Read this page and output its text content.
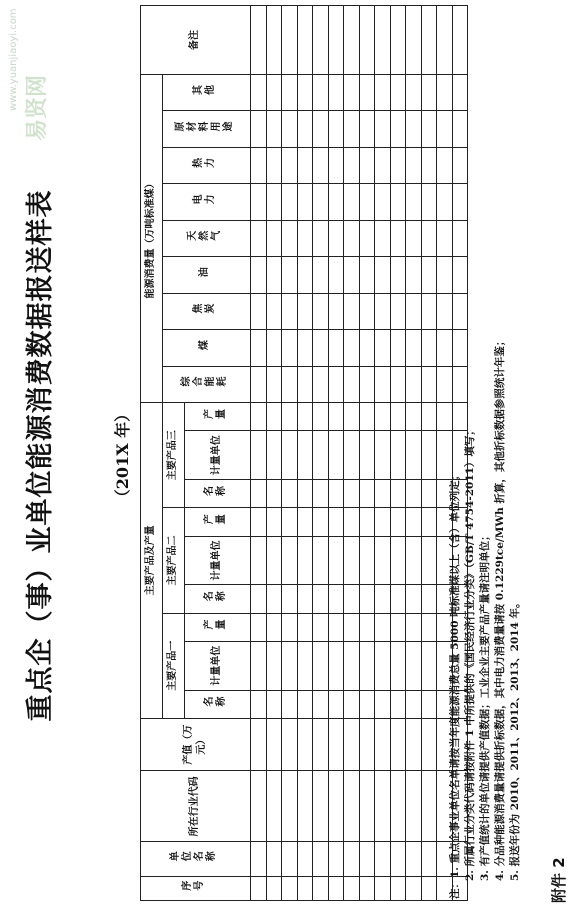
附件 2
重点企（事）业单位能源消费数据报送样表	（201X 年）
易贤网
www.yuanjiaoyi.com
序号	单位名称	所在行业代码	产值（万元）	主要产品及产量									能源消费量（万吨标准煤）									备注
				主要产品一			主要产品二			主要产品三			综合能耗	煤	焦炭	油	天然气	电力	热力	原材料用途	其他	
				名称	计量单位	产量	名称	计量单位	产量	名称	计量单位	产量										

注：1. 重点企事业单位名单请按当年度能源消费总量 5000 吨标准煤以上（含）单位列定； 2. 所属行业分类代码请按附件 1 中所提供的《国民经济行业分类》（GB/T 4754-2011）填写； 3. 有产值统计的单位请提供产值数据；工业企业主要产品产量请注明单位； 4. 分品种能源消费量请提供折标数据，其中电力消费量请按 0.1229tce/MWh 折算，其他折标数据参照统计年鉴； 5. 报送年份为 2010、2011、2012、2013、2014 年。
